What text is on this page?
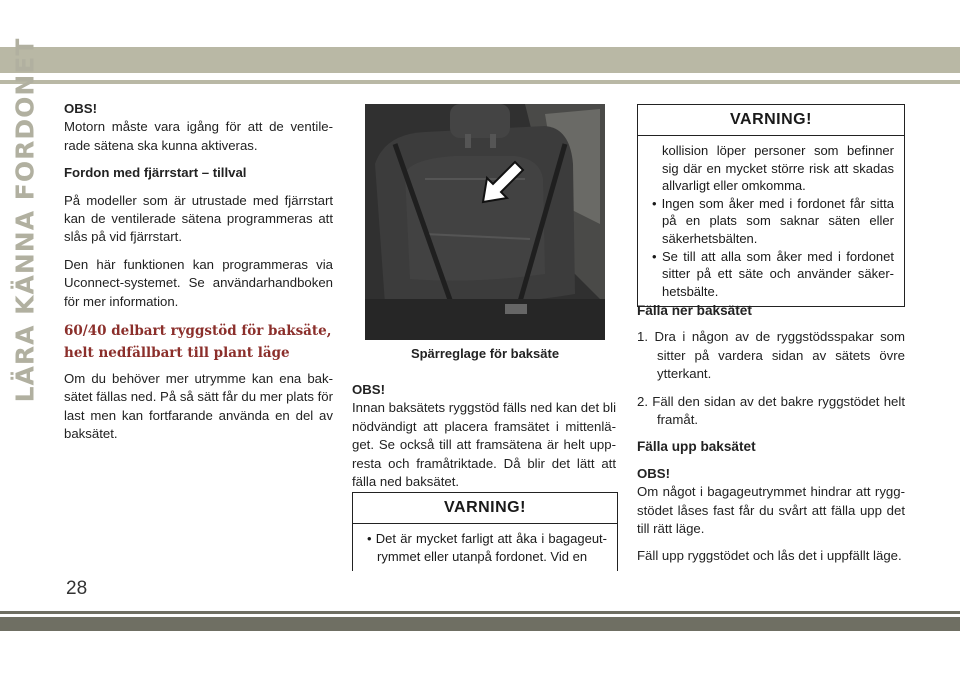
LÄRA KÄNNA FORDONET OBS!

Motorn måste vara igång för att de ventilerade sätena ska kunna aktiveras.

Fordon med fjärrstart – tillval

På modeller som är utrustade med fjärrstart kan de ventilerade sätena programmeras att slås på vid fjärrstart.

Den här funktionen kan programmeras via Uconnect-systemet. Se användarhandboken för mer information.

60/40 delbart ryggstöd för baksäte, helt nedfällbart till plant läge

Om du behöver mer utrymme kan ena baksätet fällas ned. På så sätt får du mer plats för last men kan fortfarande använda en del av baksätet.

Spärreglage för baksäte
OBS!

Innan baksätets ryggstöd fälls ned kan det bli nödvändigt att placera framsätet i mittenläget. Se också till att framsätena är helt uppresta och framåtriktade. Då blir det lätt att fälla ned baksätet.

VARNING!

• Det är mycket farligt att åka i bagageutrymmet eller utanpå fordonet. Vid en

VARNING!

kollision löper personer som befinner sig där en mycket större risk att skadas allvarligt eller omkomma.

• Ingen som åker med i fordonet får sitta på en plats som saknar säten eller säkerhetsbälten.

• Se till att alla som åker med i fordonet sitter på ett säte och använder säkerhetsbälte.

Fälla ner baksätet

1. Dra i någon av de ryggstödsspakar som sitter på vardera sidan av sätets övre ytterkant.

2. Fäll den sidan av det bakre ryggstödet helt framåt.

Fälla upp baksätet
OBS!

Om något i bagageutrymmet hindrar att ryggstödet låses fast får du svårt att fälla upp det till rätt läge.

Fäll upp ryggstödet och lås det i uppfällt läge.

28
